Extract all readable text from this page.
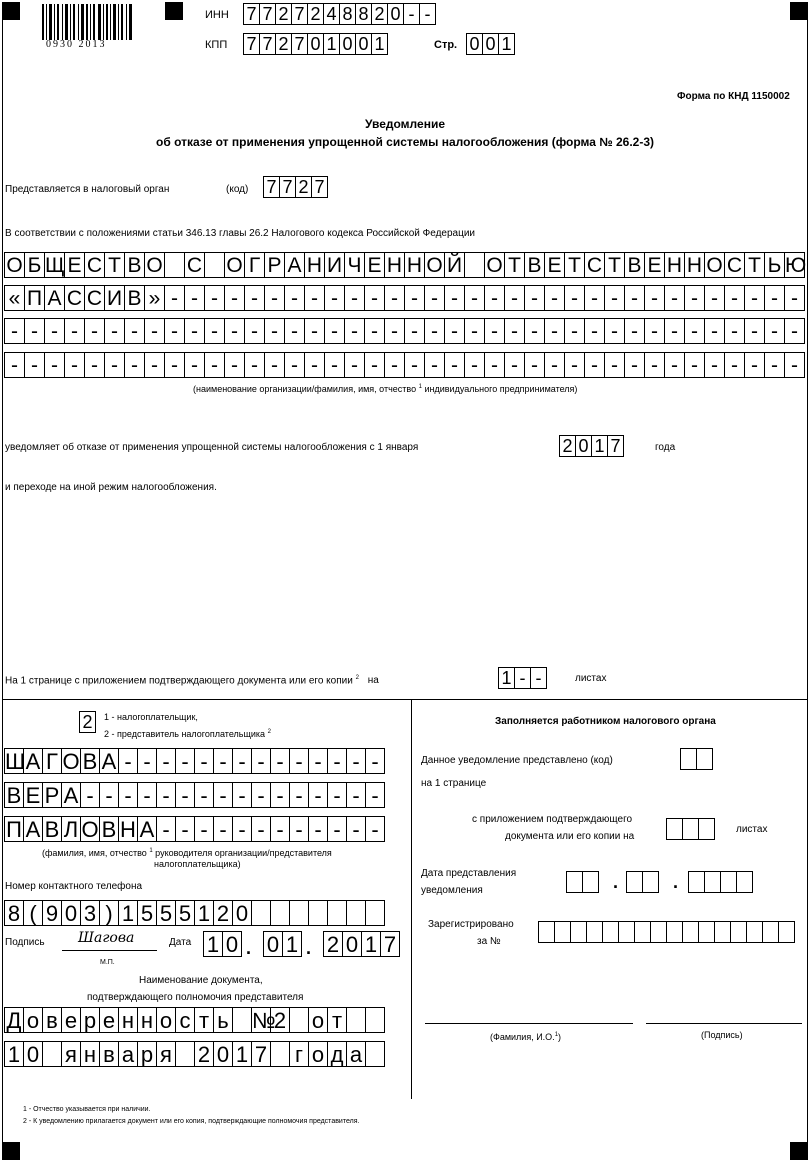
0930 2013
ИНН 7 7 2 7 2 4 8 8 2 0 - -
КПП 7 7 2 7 0 1 0 0 1	Стр. 0 0 1
Форма по КНД 1150002
Уведомление
об отказе от применения упрощенной системы налогообложения (форма № 26.2-3)
Представляется в налоговый орган	(код) 7 7 2 7
В соответствии с положениями статьи 346.13 главы 26.2 Налогового кодекса Российской Федерации
О Б Щ Е С Т В О С О Г Р А Н И Ч Е Н Н О Й О Т В Е Т С Т В Е Н Н О С Т Ь Ю
« П А С С И В » - - - - - - - - - - - - - - - - - - - - - - - - - - - - - - - -
- - - - - - - - - - - - - - - - - - - - - - - - - - - - - - - - - - - - - - - -
- - - - - - - - - - - - - - - - - - - - - - - - - - - - - - - - - - - - - - - -
(наименование организации/фамилия, имя, отчество $^1$ индивидуального предпринимателя)
уведомляет об отказе от применения упрощенной системы налогообложения с 1 января	2 0 1 7	года
и переходе на иной режим налогообложения.
На 1 странице с приложением подтверждающего документа или его копии $^2$ на	1 - -	листах
2	1 - налогоплательщик,
2 - представитель налогоплательщика $^2$
Ш А Г О В А - - - - - - - - - - - - - -
В Е Р А - - - - - - - - - - - - - - - -
П А В Л О В Н А - - - - - - - - - - - -
(фамилия, имя, отчество $^1$ руководителя организации/представителя
налогоплательщика)
Номер контактного телефона
8 ( 9 0 3 ) 1 5 5 5 1 2 0
Подпись Шагова
М.П.
Дата 1 0 . 0 1 . 2 0 1 7
Наименование документа,
подтверждающего полномочия представителя
Д о в е р е н н о с т ь №
2 о т
1 0 я н в а р я 2 0 1 7 г о д а
Заполняется работником налогового органа
Данное уведомление представлено (код)
на 1 странице
с приложением подтверждающего
документа или его копии на
листах
Дата представления
уведомления	.	.
Зарегистрировано
за №
(Фамилия, И.О.$^1$)	(Подпись)
1 - Отчество указывается при наличии.
2 - К уведомлению прилагается документ или его копия, подтверждающие полномочия представителя.
